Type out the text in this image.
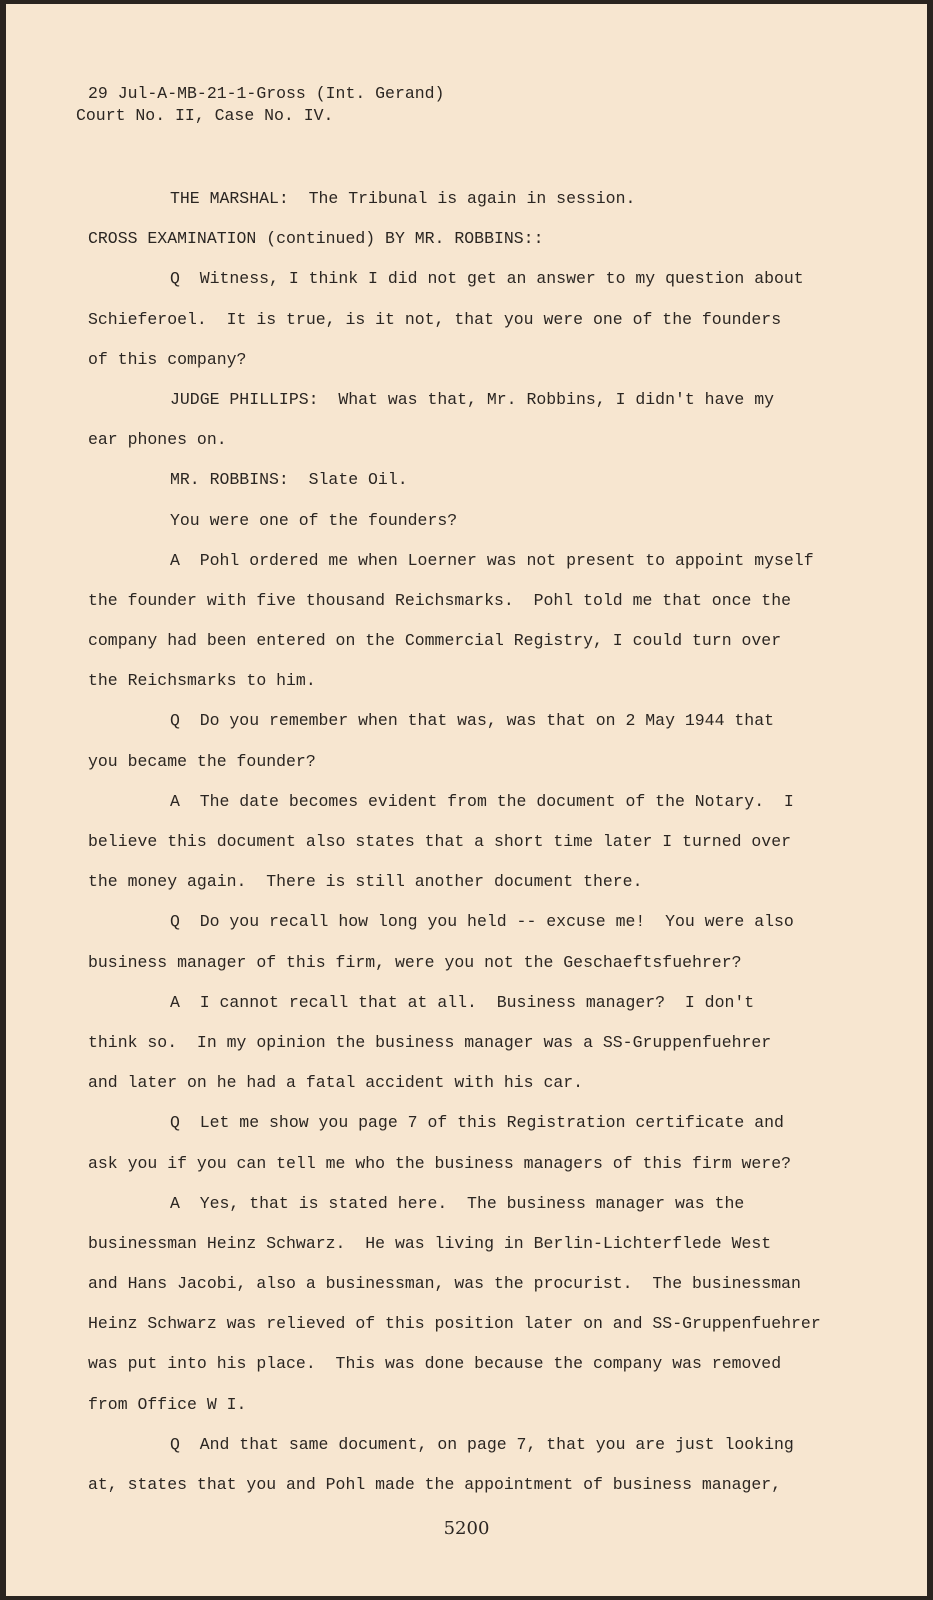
29 Jul-A-MB-21-1-Gross (Int. Gerand)
Court No. II, Case No. IV.
THE MARSHAL:  The Tribunal is again in session.
CROSS EXAMINATION (continued) BY MR. ROBBINS::
Q  Witness, I think I did not get an answer to my question about
Schieferoel.  It is true, is it not, that you were one of the founders
of this company?
JUDGE PHILLIPS:  What was that, Mr. Robbins, I didn't have my
ear phones on.
MR. ROBBINS:  Slate Oil.
You were one of the founders?
A  Pohl ordered me when Loerner was not present to appoint myself
the founder with five thousand Reichsmarks.  Pohl told me that once the
company had been entered on the Commercial Registry, I could turn over
the Reichsmarks to him.
Q  Do you remember when that was, was that on 2 May 1944 that
you became the founder?
A  The date becomes evident from the document of the Notary.  I
believe this document also states that a short time later I turned over
the money again.  There is still another document there.
Q  Do you recall how long you held -- excuse me!  You were also
business manager of this firm, were you not the Geschaeftsfuehrer?
A  I cannot recall that at all.  Business manager?  I don't
think so.  In my opinion the business manager was a SS-Gruppenfuehrer
and later on he had a fatal accident with his car.
Q  Let me show you page 7 of this Registration certificate and
ask you if you can tell me who the business managers of this firm were?
A  Yes, that is stated here.  The business manager was the
businessman Heinz Schwarz.  He was living in Berlin-Lichterflede West
and Hans Jacobi, also a businessman, was the procurist.  The businessman
Heinz Schwarz was relieved of this position later on and SS-Gruppenfuehrer
was put into his place.  This was done because the company was removed
from Office W I.
Q  And that same document, on page 7, that you are just looking
at, states that you and Pohl made the appointment of business manager,
5200
